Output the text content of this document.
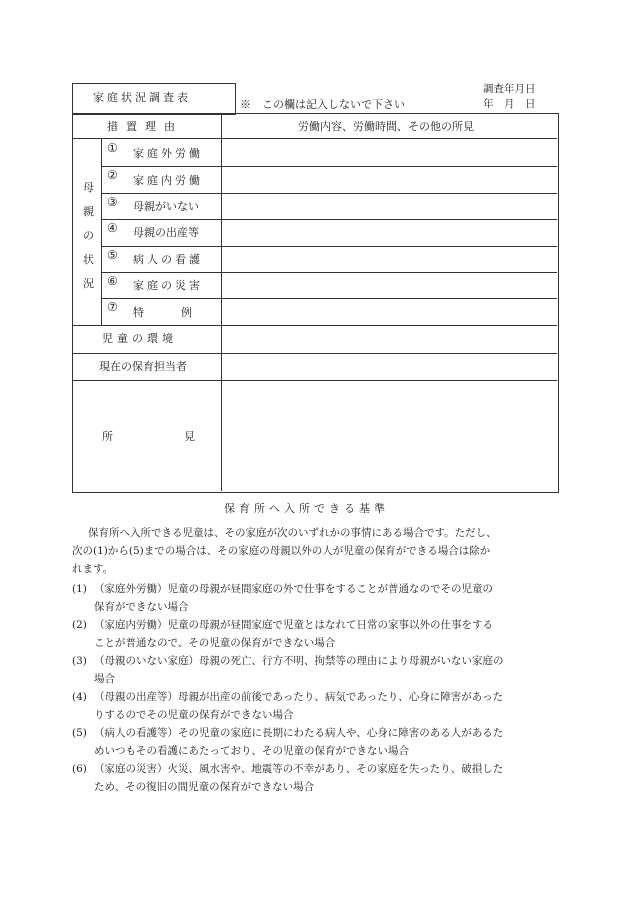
家庭状況調査表
※　この欄は記入しないで下さい
調査年月日
年　月　日
措置理由	労働内容、労働時間、その他の所見
母
親
の
状
況
① 家庭外労働
② 家庭内労働
③ 母親がいない
④ 母親の出産等
⑤ 病人の看護
⑥ 家庭の災害
⑦ 特　　　例
児童の環境
現在の保育担当者
所	見
保育所へ入所できる基準
保育所へ入所できる児童は、その家庭が次のいずれかの事情にある場合です。ただし、
次の(1)から(5)までの場合は、その家庭の母親以外の人が児童の保育ができる場合は除か
れます。
(1) （家庭外労働）児童の母親が昼間家庭の外で仕事をすることが普通なのでその児童の
保育ができない場合
(2) （家庭内労働）児童の母親が昼間家庭で児童とはなれて日常の家事以外の仕事をする
ことが普通なので、その児童の保育ができない場合
(3) （母親のいない家庭）母親の死亡、行方不明、拘禁等の理由により母親がいない家庭の
場合
(4) （母親の出産等）母親が出産の前後であったり、病気であったり、心身に障害があった
りするのでその児童の保育ができない場合
(5) （病人の看護等）その児童の家庭に長期にわたる病人や、心身に障害のある人があるた
めいつもその看護にあたっており、その児童の保育ができない場合
(6) （家庭の災害）火災、風水害や、地震等の不幸があり、その家庭を失ったり、破損した
ため、その復旧の間児童の保育ができない場合
